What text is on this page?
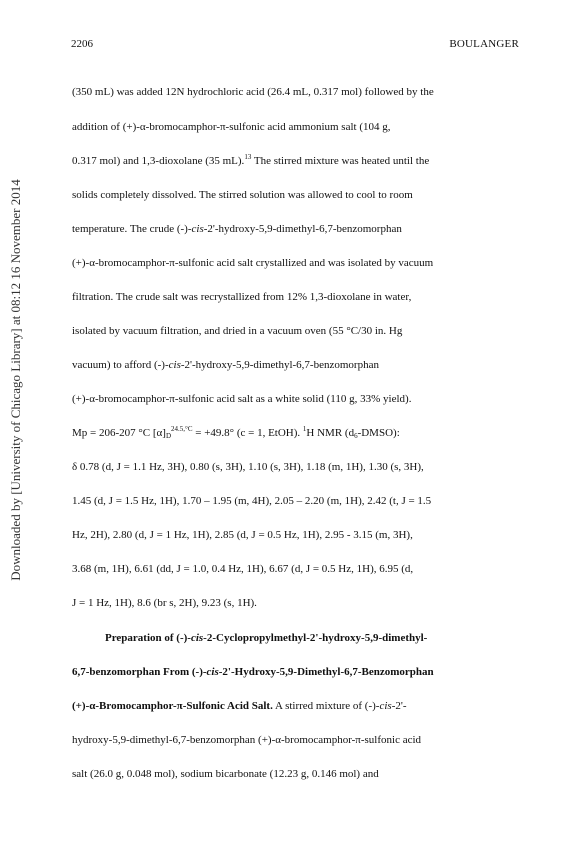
2206	BOULANGER
Downloaded by [University of Chicago Library] at 08:12 16 November 2014
(350 mL) was added 12N hydrochloric acid (26.4 mL, 0.317 mol) followed by the
addition of (+)-α-bromocamphor-π-sulfonic acid ammonium salt (104 g,
0.317 mol) and 1,3-dioxolane (35 mL).$^{13}$ The stirred mixture was heated until the
solids completely dissolved. The stirred solution was allowed to cool to room
temperature. The crude (-)-cis-2'-hydroxy-5,9-dimethyl-6,7-benzomorphan
(+)-α-bromocamphor-π-sulfonic acid salt crystallized and was isolated by vacuum
filtration. The crude salt was recrystallized from 12% 1,3-dioxolane in water,
isolated by vacuum filtration, and dried in a vacuum oven (55 °C/30 in. Hg
vacuum) to afford (-)-cis-2'-hydroxy-5,9-dimethyl-6,7-benzomorphan
(+)-α-bromocamphor-π-sulfonic acid salt as a white solid (110 g, 33% yield).
Mp = 206-207 °C $[\alpha]_D^{24.5,^\circ C} = +49.8^\circ$ (c = 1, EtOH). $^1$H NMR $(d_6-DMSO)$:
δ 0.78 (d, J = 1.1 Hz, 3H), 0.80 (s, 3H), 1.10 (s, 3H), 1.18 (m, 1H), 1.30 (s, 3H),
1.45 (d, J = 1.5 Hz, 1H), 1.70 – 1.95 (m, 4H), 2.05 – 2.20 (m, 1H), 2.42 (t, J = 1.5
Hz, 2H), 2.80 (d, J = 1 Hz, 1H), 2.85 (d, J = 0.5 Hz, 1H), 2.95 - 3.15 (m, 3H),
3.68 (m, 1H), 6.61 (dd, J = 1.0, 0.4 Hz, 1H), 6.67 (d, J = 0.5 Hz, 1H), 6.95 (d,
J = 1 Hz, 1H), 8.6 (br s, 2H), 9.23 (s, 1H).
Preparation of (-)-cis-2-Cyclopropylmethyl-2'-hydroxy-5,9-dimethyl-
6,7-benzomorphan From (-)-cis-2'-Hydroxy-5,9-Dimethyl-6,7-Benzomorphan
(+)-α-Bromocamphor-π-Sulfonic Acid Salt. A stirred mixture of (-)-cis-2'-
hydroxy-5,9-dimethyl-6,7-benzomorphan (+)-α-bromocamphor-π-sulfonic acid
salt (26.0 g, 0.048 mol), sodium bicarbonate (12.23 g, 0.146 mol) and
